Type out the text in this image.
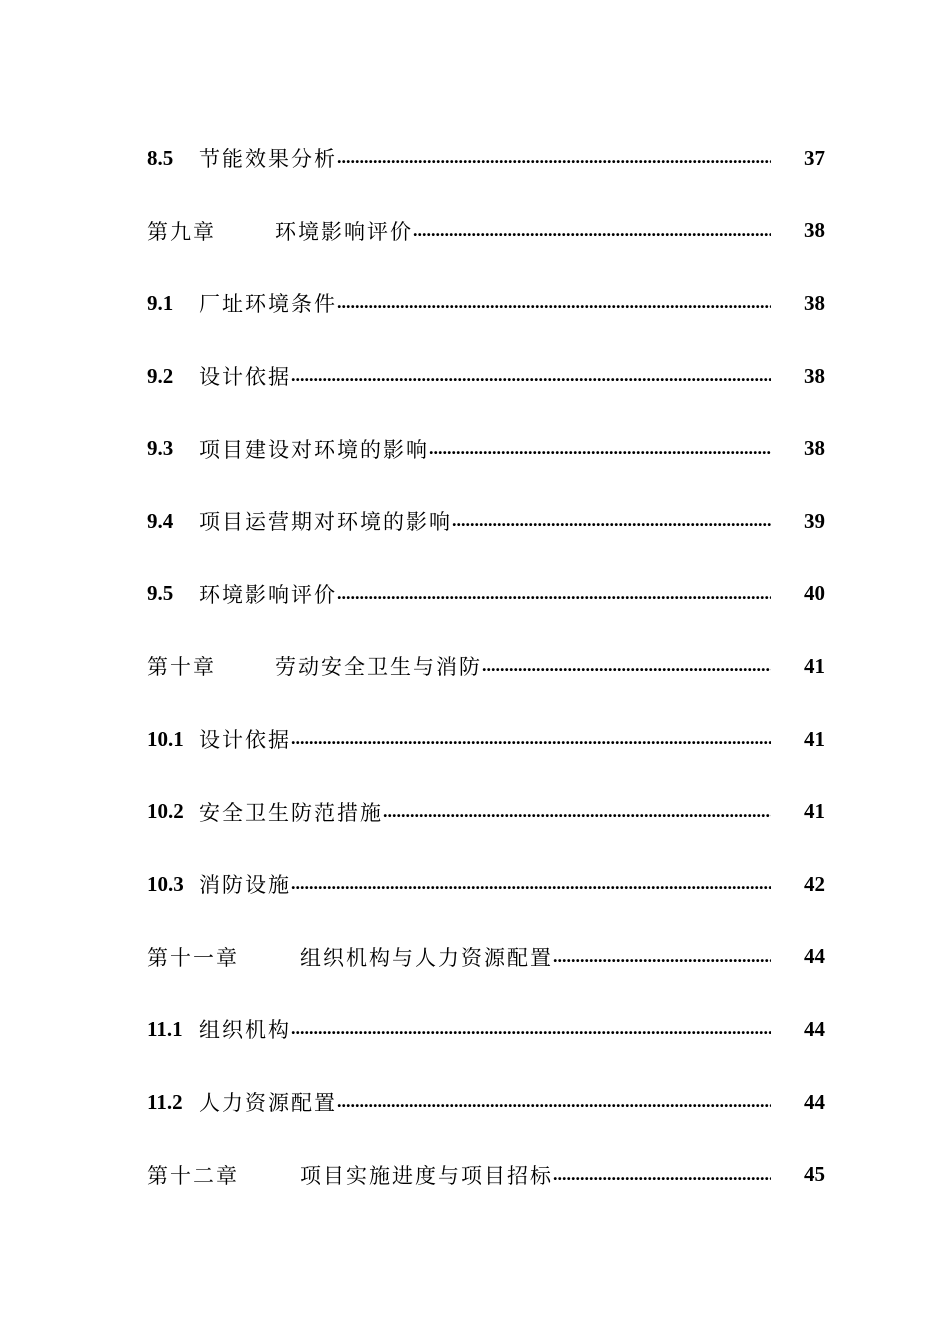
8.5	节能效果分析 .....	37
第九章	环境影响评价 .....	38
9.1	厂址环境条件 .....	38
9.2	设计依据 .....	38
9.3	项目建设对环境的影响 .....	38
9.4	项目运营期对环境的影响 .....	39
9.5	环境影响评价 .....	40
第十章	劳动安全卫生与消防 .....	41
10.1 设计依据 .....	41
10.2 安全卫生防范措施 .....	41
10.3 消防设施 .....	42
第十一章	组织机构与人力资源配置 .....	44
11.1 组织机构 .....	44
11.2 人力资源配置 .....	44
第十二章	项目实施进度与项目招标 .....	45
